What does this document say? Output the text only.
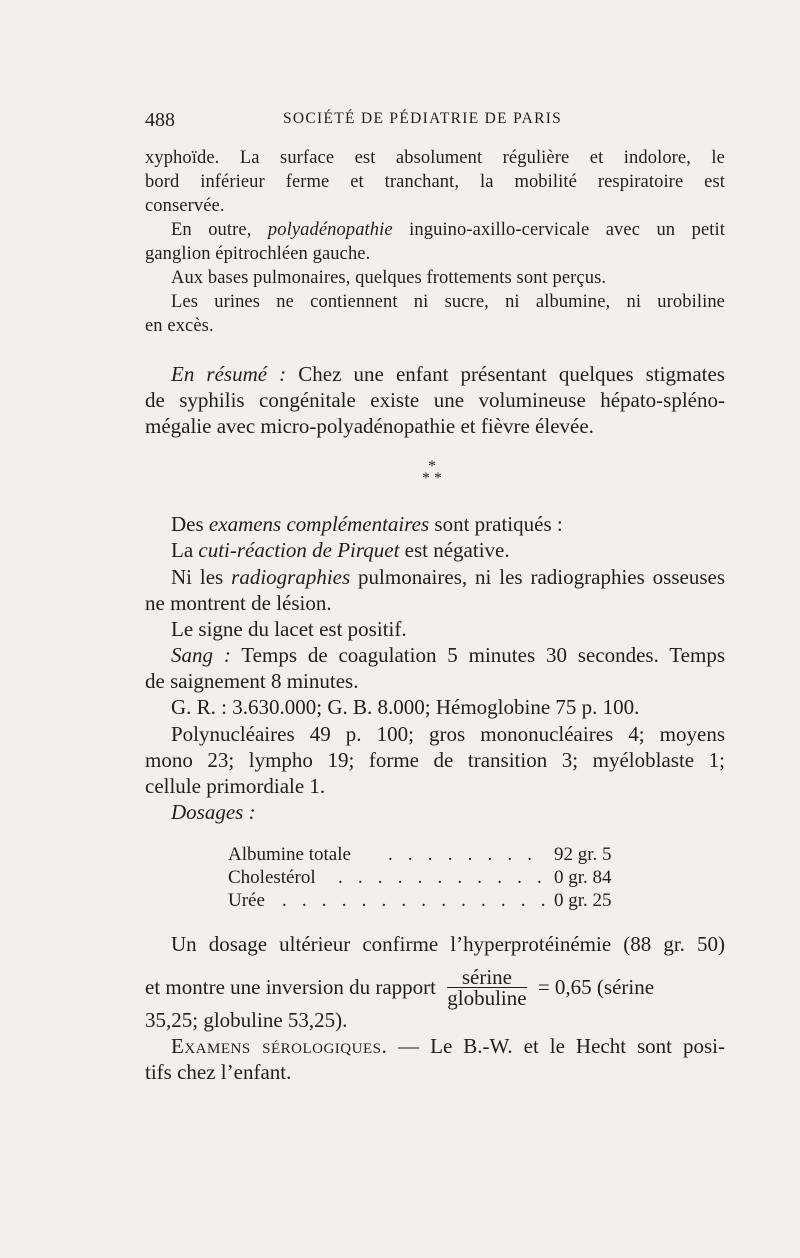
488	SOCIÉTÉ DE PÉDIATRIE DE PARIS
xyphoïde. La surface est absolument régulière et indolore, le
bord inférieur ferme et tranchant, la mobilité respiratoire est
conservée.
En outre, polyadénopathie inguino-axillo-cervicale avec un petit
ganglion épitrochléen gauche.
Aux bases pulmonaires, quelques frottements sont perçus.
Les urines ne contiennent ni sucre, ni albumine, ni urobiline
en excès.
En résumé : Chez une enfant présentant quelques stigmates
de syphilis congénitale existe une volumineuse hépato-spléno-
mégalie avec micro-polyadénopathie et fièvre élevée.
*
* *
Des examens complémentaires sont pratiqués :
La cuti-réaction de Pirquet est négative.
Ni les radiographies pulmonaires, ni les radiographies osseuses
ne montrent de lésion.
Le signe du lacet est positif.
Sang : Temps de coagulation 5 minutes 30 secondes. Temps
de saignement 8 minutes.
G. R. : 3.630.000; G. B. 8.000; Hémoglobine 75 p. 100.
Polynucléaires 49 p. 100; gros mononucléaires 4; moyens
mono 23; lympho 19; forme de transition 3; myéloblaste 1;
cellule primordiale 1.
Dosages :
Albumine totale . . . . . . . . 92 gr. 5
Cholestérol . . . . . . . . . . . 0 gr. 84
Urée . . . . . . . . . . . . . . 0 gr. 25
Un dosage ultérieur confirme l’hyperprotéinémie (88 gr. 50)
et montre une inversion du rapport $\frac{\text{sérine}}{\text{globuline}} = 0,65$ (sérine
35,25; globuline 53,25).
Examens sérologiques. — Le B.-W. et le Hecht sont posi-
tifs chez l’enfant.
